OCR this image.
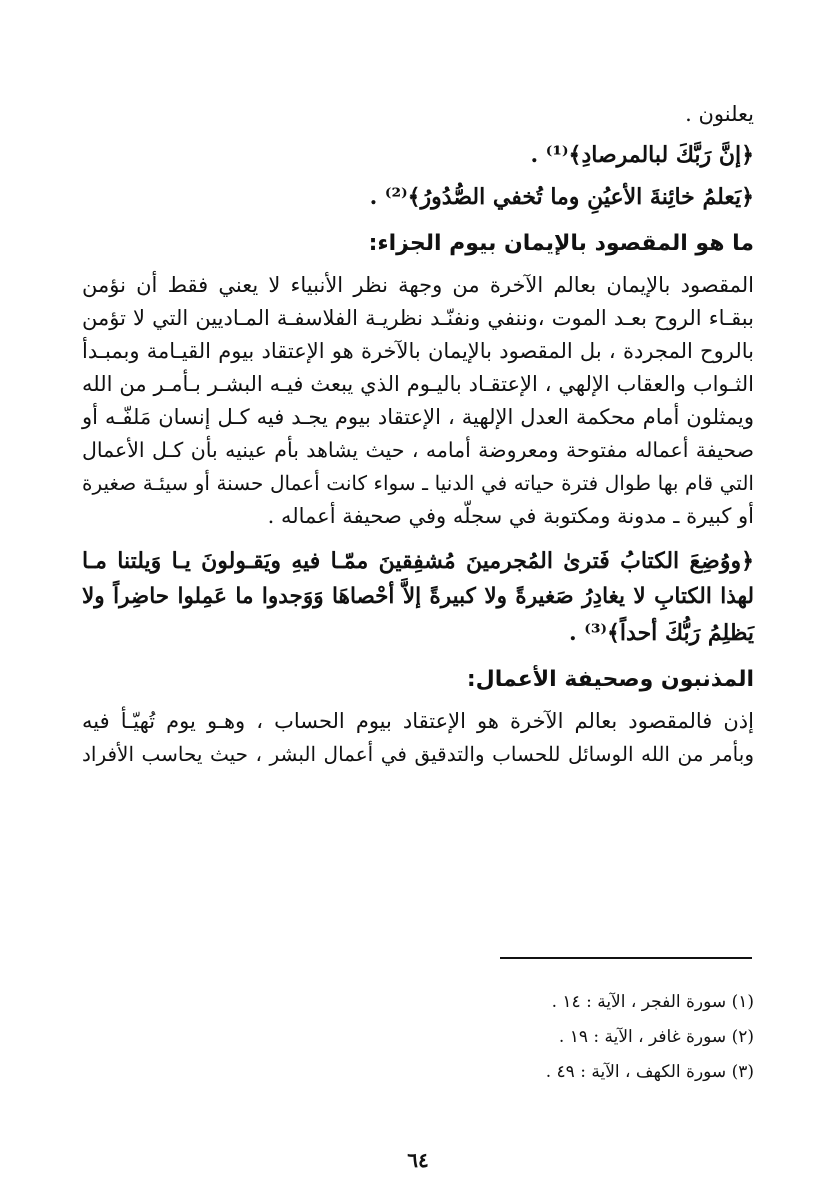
يعلنون .
﴿إنَّ رَبَّكَ لبالمرصادِ﴾⁽¹⁾ .
﴿يَعلمُ خائِنةَ الأعيُنِ وما تُخفي الصُّدُورُ﴾⁽²⁾ .
ما هو المقصود بالإيمان بيوم الجزاء:
المقصود بالإيمان بعالم الآخرة من وجهة نظر الأنبياء لا يعني فقط أن نؤمن
ببقـاء الروح بعـد الموت ،وننفي ونفنّـد نظريـة الفلاسفـة المـاديين التي لا تؤمن
بالروح المجردة ، بل المقصود بالإيمان بالآخرة هو الإعتقاد بيوم القيـامة وبمبـدأ
الثـواب والعقاب الإلهي ، الإعتقـاد باليـوم الذي يبعث فيـه البشـر بـأمـر من الله
ويمثلون أمام محكمة العدل الإلهية ، الإعتقاد بيوم يجـد فيه كـل إنسان مَلفّـه أو
صحيفة أعماله مفتوحة ومعروضة أمامه ، حيث يشاهد بأم عينيه بأن كـل الأعمال
التي قام بها طوال فترة حياته في الدنيا ـ سواء كانت أعمال حسنة أو سيئـة صغيرة
أو كبيرة ـ مدونة ومكتوبة في سجلّه وفي صحيفة أعماله .
﴿ووُضِعَ الكتابُ فَترىٰ المُجرمينَ مُشفِقينَ ممّـا فيهِ ويَقـولونَ يـا وَيلتنا مـا
لهذا الكتابِ لا يغادِرُ صَغيرةً ولا كبيرةً إلاَّ أحْصاهَا وَوَجدوا ما عَمِلوا حاضِراً ولا
يَظلِمُ رَبُّكَ أحداً﴾⁽³⁾ .
المذنبون وصحيفة الأعمال:
إذن فالمقصود بعالم الآخرة هو الإعتقاد بيوم الحساب ، وهـو يوم تُهيّـأ فيه
وبأمر من الله الوسائل للحساب والتدقيق في أعمال البشر ، حيث يحاسب الأفراد
(١) سورة الفجر ، الآية : ١٤ .
(٢) سورة غافر ، الآية : ١٩ .
(٣) سورة الكهف ، الآية : ٤٩ .
٦٤
